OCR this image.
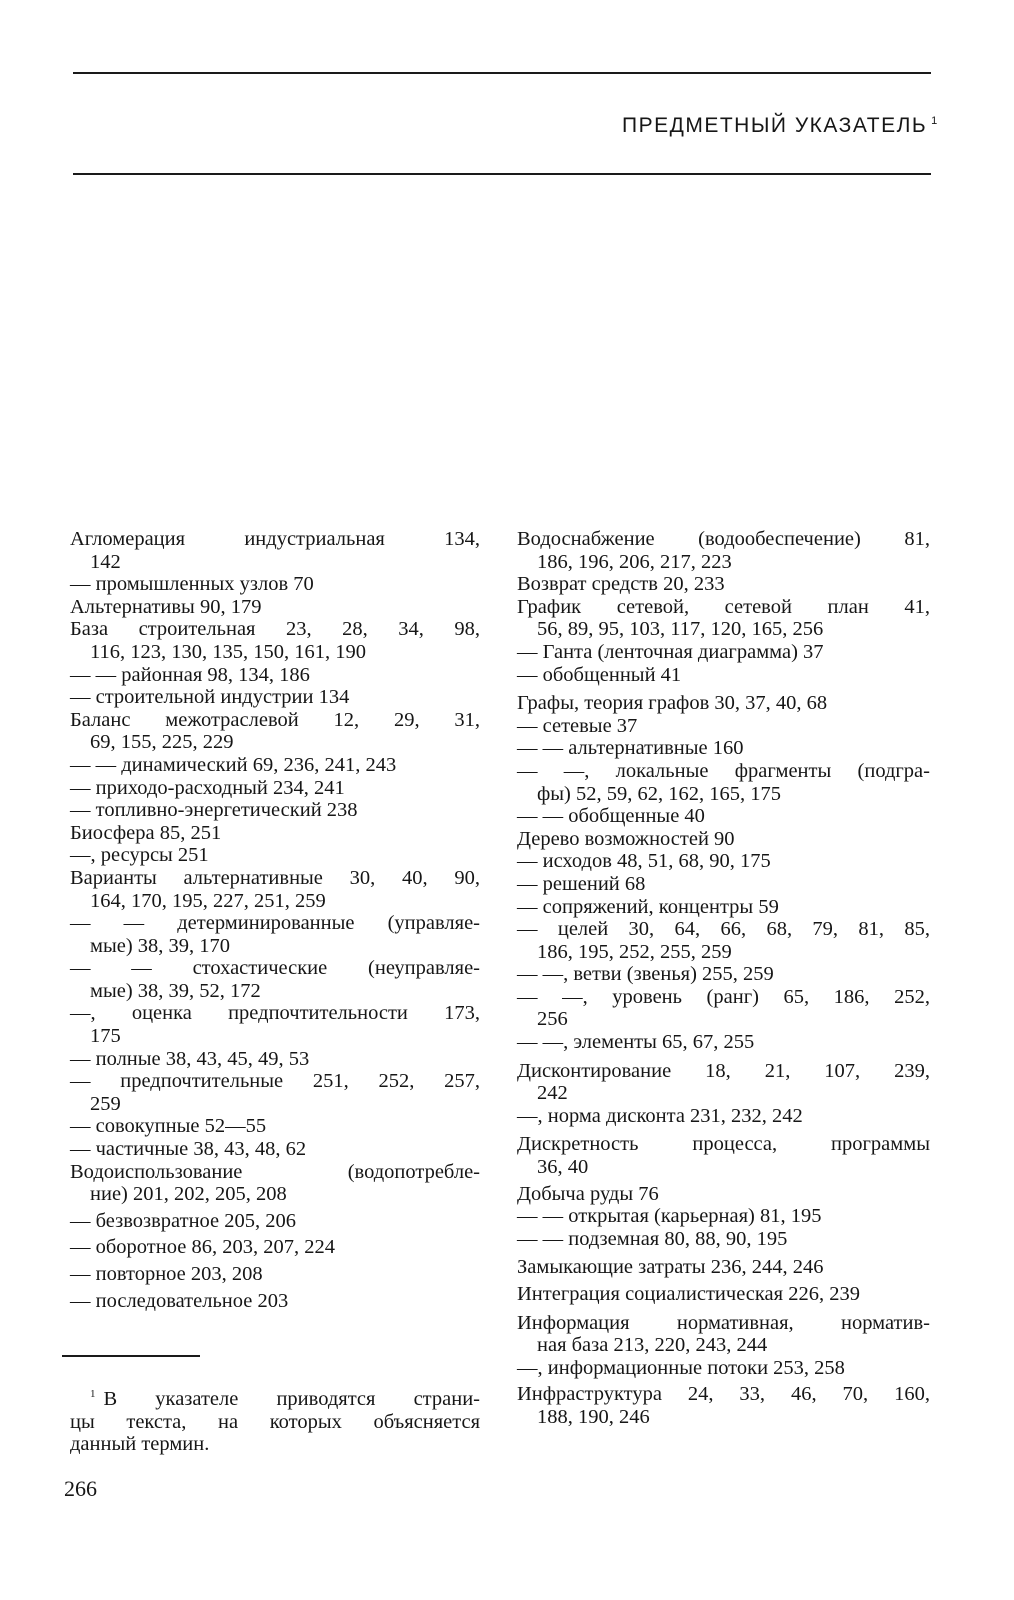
ПРЕДМЕТНЫЙ УКАЗАТЕЛЬ $^1$
Агломерация индустриальная 134,
142
— промышленных узлов 70
Альтернативы 90, 179
База строительная 23, 28, 34, 98,
116, 123, 130, 135, 150, 161, 190
— — районная 98, 134, 186
— строительной индустрии 134
Баланс межотраслевой 12, 29, 31,
69, 155, 225, 229
— — динамический 69, 236, 241, 243
— приходо-расходный 234, 241
— топливно-энергетический 238
Биосфера 85, 251
—, ресурсы 251
Варианты альтернативные 30, 40, 90,
164, 170, 195, 227, 251, 259
— — детерминированные (управляе-
мые) 38, 39, 170
— — стохастические (неуправляе-
мые) 38, 39, 52, 172
—, оценка предпочтительности 173,
175
— полные 38, 43, 45, 49, 53
— предпочтительные 251, 252, 257,
259
— совокупные 52—55
— частичные 38, 43, 48, 62
Водоиспользование (водопотребле-
ние) 201, 202, 205, 208
— безвозвратное 205, 206
— оборотное 86, 203, 207, 224
— повторное 203, 208
— последовательное 203
Водоснабжение (водообеспечение) 81,
186, 196, 206, 217, 223
Возврат средств 20, 233
График сетевой, сетевой план 41,
56, 89, 95, 103, 117, 120, 165, 256
— Ганта (ленточная диаграмма) 37
— обобщенный 41
Графы, теория графов 30, 37, 40, 68
— сетевые 37
— — альтернативные 160
— —, локальные фрагменты (подгра-
фы) 52, 59, 62, 162, 165, 175
— — обобщенные 40
Дерево возможностей 90
— исходов 48, 51, 68, 90, 175
— решений 68
— сопряжений, концентры 59
— целей 30, 64, 66, 68, 79, 81, 85,
186, 195, 252, 255, 259
— —, ветви (звенья) 255, 259
— —, уровень (ранг) 65, 186, 252,
256
— —, элементы 65, 67, 255
Дисконтирование 18, 21, 107, 239,
242
—, норма дисконта 231, 232, 242
Дискретность процесса, программы
36, 40
Добыча руды 76
— — открытая (карьерная) 81, 195
— — подземная 80, 88, 90, 195
Замыкающие затраты 236, 244, 246
Интеграция социалистическая 226, 239
Информация нормативная, норматив-
ная база 213, 220, 243, 244
—, информационные потоки 253, 258
Инфраструктура 24, 33, 46, 70, 160,
188, 190, 246
$^1$ В указателе приводятся страни-
цы текста, на которых объясняется
данный термин.
266
